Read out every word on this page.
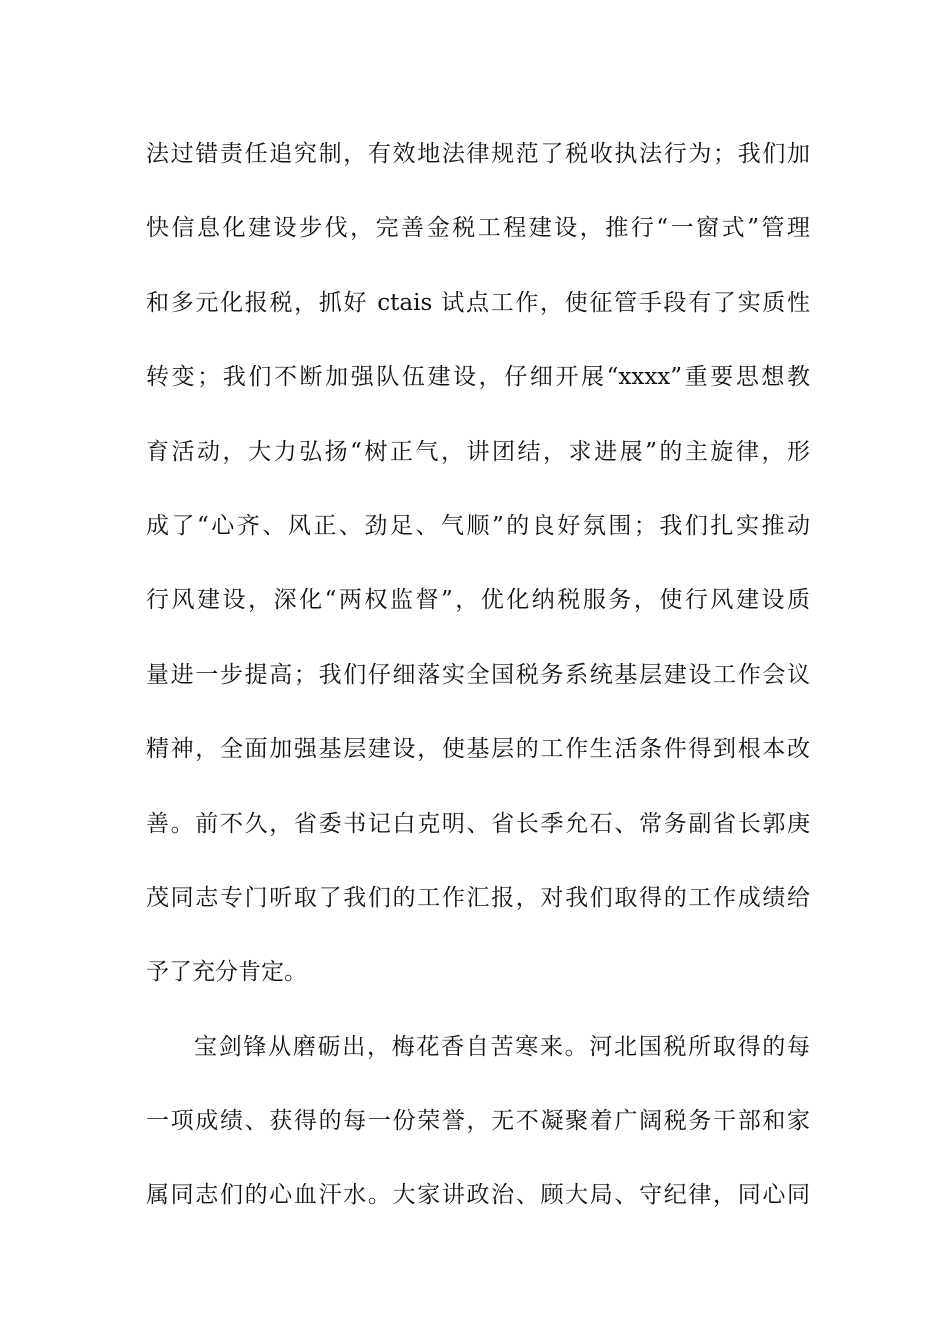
法过错责任追究制，有效地法律规范了税收执法行为；我们加
快信息化建设步伐，完善金税工程建设，推行“一窗式”管理
和多元化报税，抓好 ctais 试点工作，使征管手段有了实质性
转变；我们不断加强队伍建设，仔细开展“xxxx”重要思想教
育活动，大力弘扬“树正气，讲团结，求进展”的主旋律，形
成了“心齐、风正、劲足、气顺”的良好氛围；我们扎实推动
行风建设，深化“两权监督”，优化纳税服务，使行风建设质
量进一步提高；我们仔细落实全国税务系统基层建设工作会议
精神，全面加强基层建设，使基层的工作生活条件得到根本改
善。前不久，省委书记白克明、省长季允石、常务副省长郭庚
茂同志专门听取了我们的工作汇报，对我们取得的工作成绩给
予了充分肯定。
宝剑锋从磨砺出，梅花香自苦寒来。河北国税所取得的每
一项成绩、获得的每一份荣誉，无不凝聚着广阔税务干部和家
属同志们的心血汗水。大家讲政治、顾大局、守纪律，同心同
